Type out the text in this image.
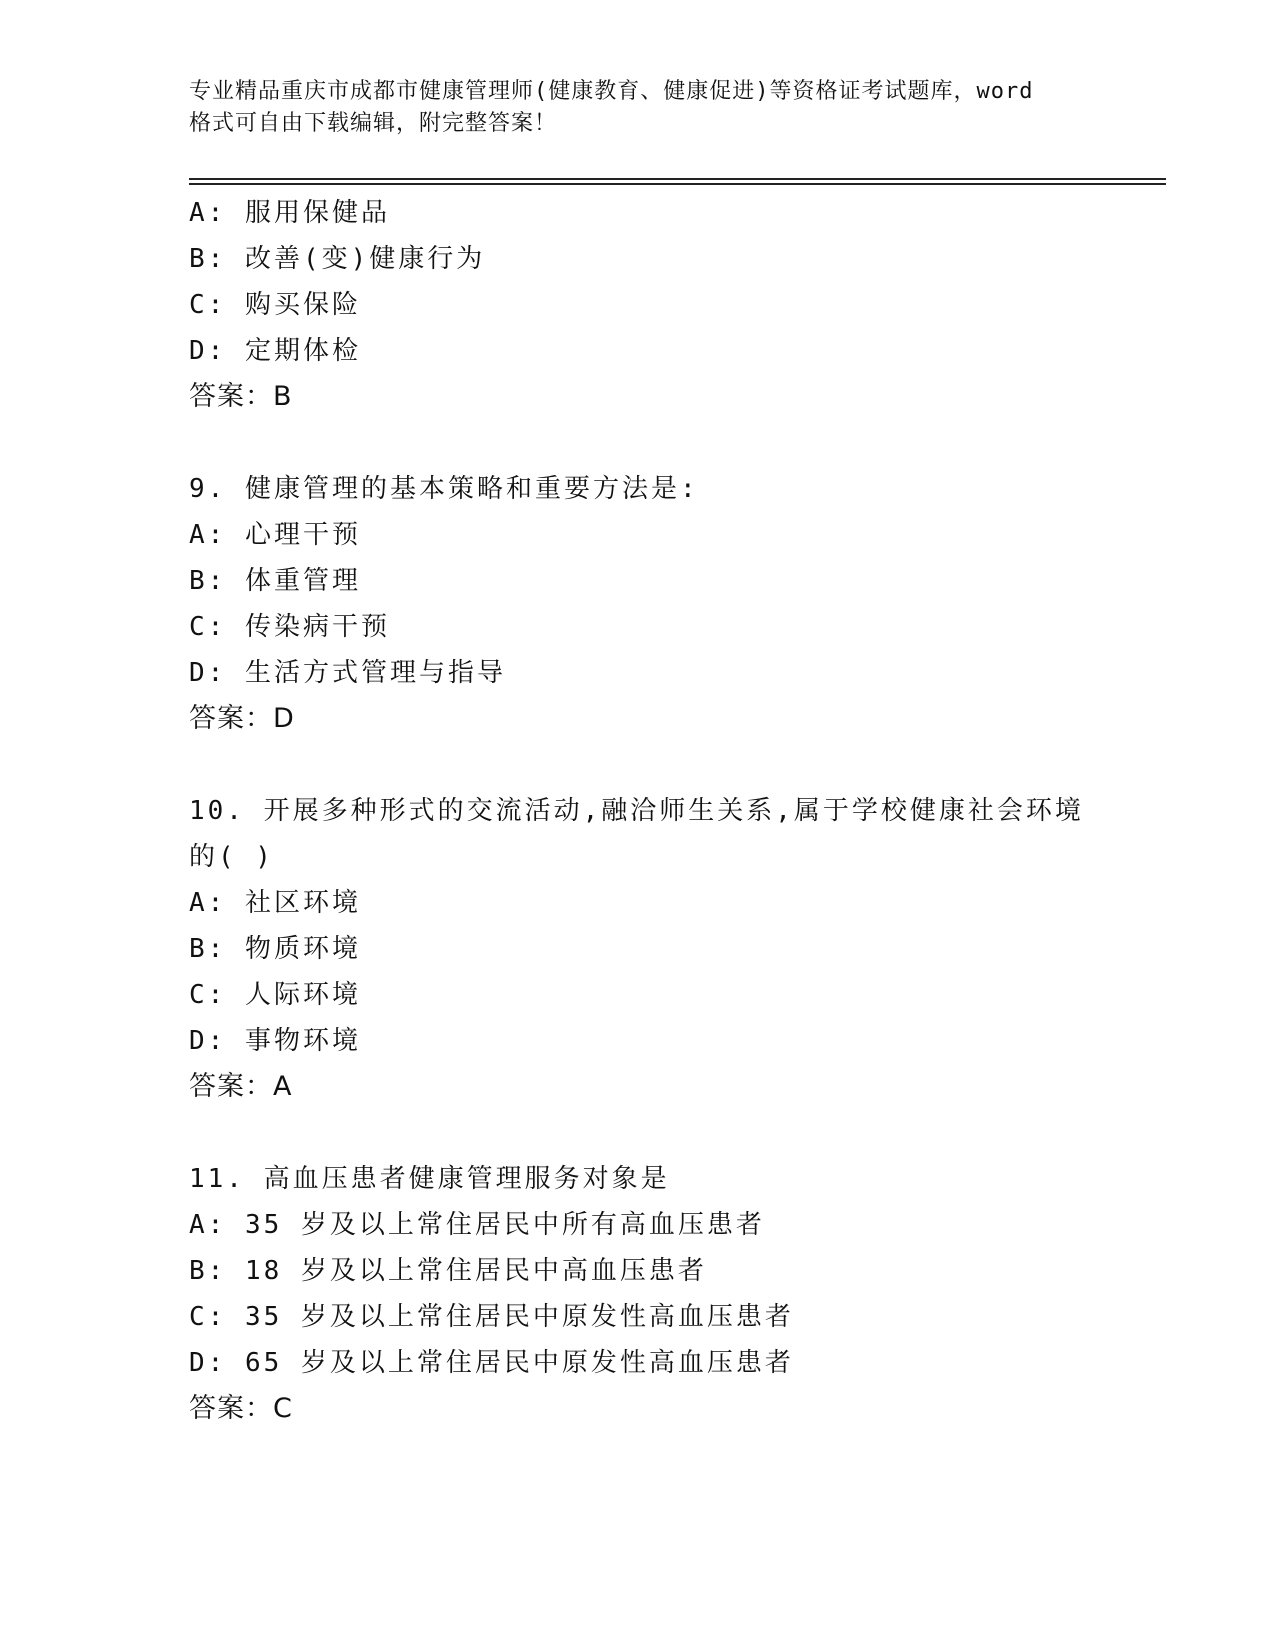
专业精品重庆市成都市健康管理师(健康教育、健康促进)等资格证考试题库，word
格式可自由下载编辑，附完整答案！
A: 服用保健品
B: 改善(变)健康行为
C: 购买保险
D: 定期体检
答案：B
9. 健康管理的基本策略和重要方法是:
A: 心理干预
B: 体重管理
C: 传染病干预
D: 生活方式管理与指导
答案：D
10. 开展多种形式的交流活动,融洽师生关系,属于学校健康社会环境
的( )
A: 社区环境
B: 物质环境
C: 人际环境
D: 事物环境
答案：A
11. 高血压患者健康管理服务对象是
A: 35 岁及以上常住居民中所有高血压患者
B: 18 岁及以上常住居民中高血压患者
C: 35 岁及以上常住居民中原发性高血压患者
D: 65 岁及以上常住居民中原发性高血压患者
答案：C
